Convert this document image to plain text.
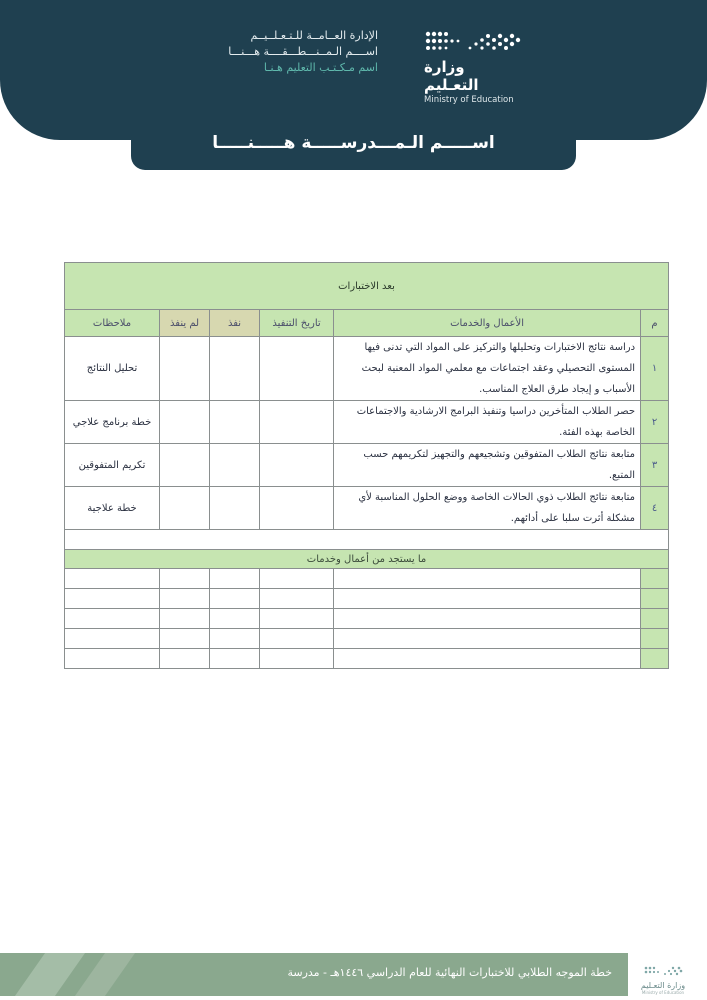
الإدارة العــامــة للـتـعـلــيــم
اســــم الـمــنـــطـــقــــة هـــنـــا
اسم مـكـتـب التعليم هـنـا	وزارة التعـليم
Ministry of Education
اســـــم الـمـــدرســـــة هـــــنـــــا
بعد الاختبارات					
م	الأعمال والخدمات	تاريخ التنفيذ	نفذ	لم ينفذ	ملاحظات
١	دراسة نتائج الاختبارات وتحليلها والتركيز على المواد التي تدنى فيها المستوى التحصيلي وعقد اجتماعات مع معلمي المواد المعنية لبحث الأسباب و إيجاد طرق العلاج المناسب.				تحليل النتائج
٢	حصر الطلاب المتأخرين دراسيا وتنفيذ البرامج الارشادية والاجتماعات الخاصة بهذه الفئة.				خطة برنامج علاجي
٣	متابعة نتائج الطلاب المتفوقين وتشجيعهم والتجهيز لتكريمهم حسب المتبع.				تكريم المتفوقين
٤	متابعة نتائج الطلاب ذوي الحالات الخاصة ووضع الحلول المناسبة لأي مشكلة أثرت سلبا على أدائهم.				خطة علاجية

ما يستجد من أعمال وخدمات					

خطة الموجه الطلابي للاختبارات النهائية للعام الدراسي ١٤٤٦هـ - مدرسة
وزارة التعـليم
Ministry of Education
